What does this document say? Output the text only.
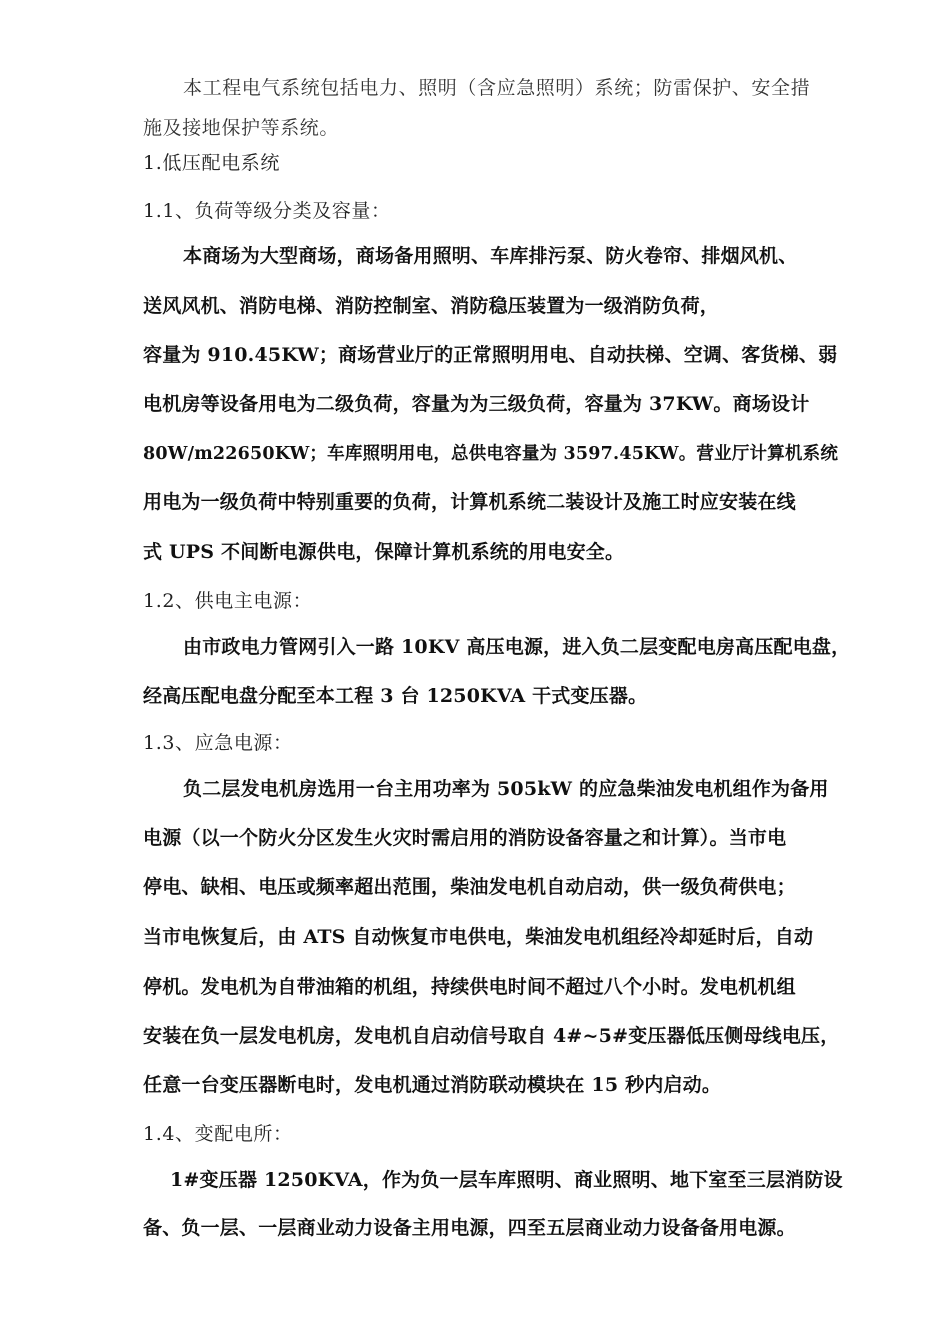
本工程电气系统包括电力、照明（含应急照明）系统；防雷保护、安全措
施及接地保护等系统。
1.低压配电系统
1.1、负荷等级分类及容量：
本商场为大型商场，商场备用照明、车库排污泵、防火卷帘、排烟风机、
送风风机、消防电梯、消防控制室、消防稳压装置为一级消防负荷，
容量为 910.45KW；商场营业厅的正常照明用电、自动扶梯、空调、客货梯、弱
电机房等设备用电为二级负荷，容量为为三级负荷，容量为 37KW。商场设计
80W/m22650KW；车库照明用电，总供电容量为 3597.45KW。营业厅计算机系统
用电为一级负荷中特别重要的负荷，计算机系统二装设计及施工时应安装在线
式 UPS 不间断电源供电，保障计算机系统的用电安全。
1.2、供电主电源：
由市政电力管网引入一路 10KV 高压电源，进入负二层变配电房高压配电盘，
经高压配电盘分配至本工程 3 台 1250KVA 干式变压器。
1.3、应急电源：
负二层发电机房选用一台主用功率为 505kW 的应急柴油发电机组作为备用
电源（以一个防火分区发生火灾时需启用的消防设备容量之和计算）。当市电
停电、缺相、电压或频率超出范围，柴油发电机自动启动，供一级负荷供电；
当市电恢复后，由 ATS 自动恢复市电供电，柴油发电机组经冷却延时后，自动
停机。发电机为自带油箱的机组，持续供电时间不超过八个小时。发电机机组
安装在负一层发电机房，发电机自启动信号取自 4#~5#变压器低压侧母线电压，
任意一台变压器断电时，发电机通过消防联动模块在 15 秒内启动。
1.4、变配电所：
1#变压器 1250KVA，作为负一层车库照明、商业照明、地下室至三层消防设
备、负一层、一层商业动力设备主用电源，四至五层商业动力设备备用电源。
